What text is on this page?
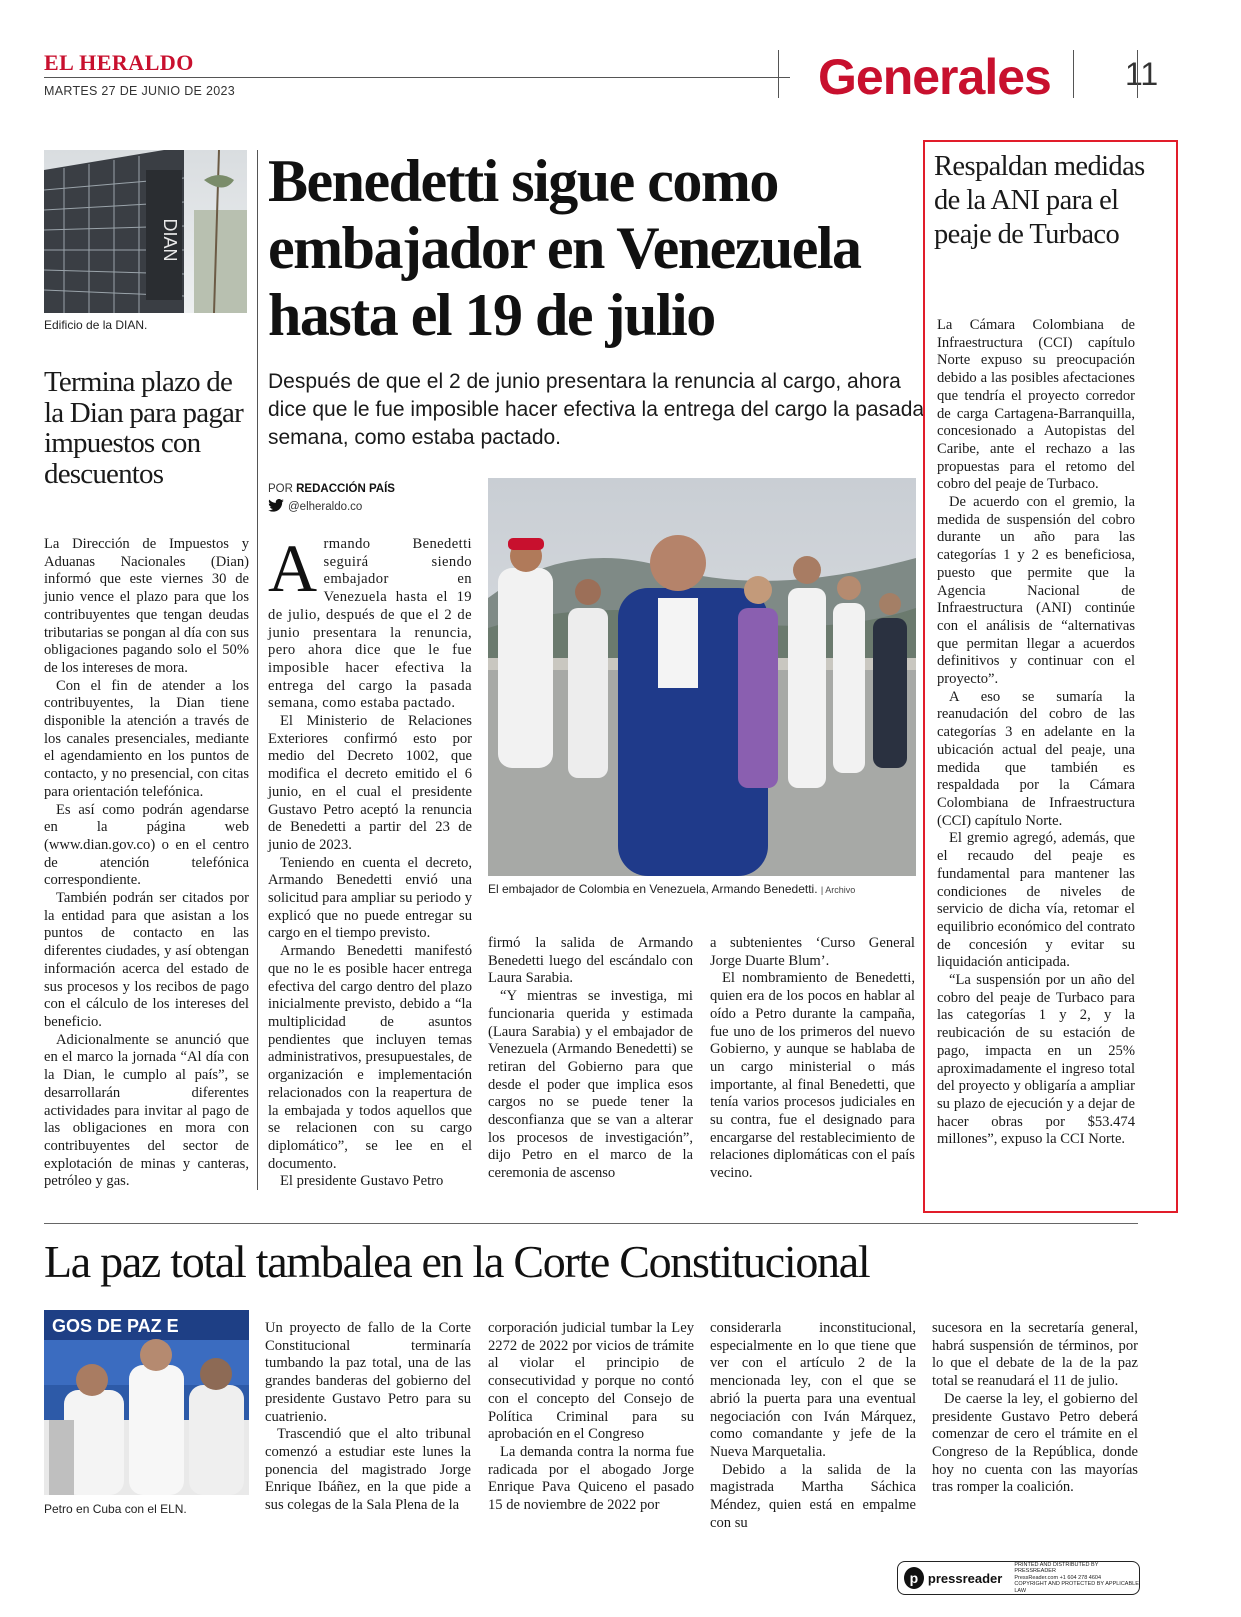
EL HERALDO
MARTES 27 DE JUNIO DE 2023	Generales 11
DIAN
Edificio de la DIAN.
Termina plazo de la Dian para pagar impuestos con descuentos

La Dirección de Impuestos y Aduanas Nacionales (Dian) informó que este viernes 30 de junio vence el plazo para que los contribuyentes que tengan deudas tributarias se pongan al día con sus obligaciones pagando solo el 50% de los intereses de mora.

Con el fin de atender a los contribuyentes, la Dian tiene disponible la atención a través de los canales presenciales, mediante el agendamiento en los puntos de contacto, y no presencial, con citas para orientación telefónica.

Es así como podrán agendarse en la página web (www.dian.gov.co) o en el centro de atención telefónica correspondiente.

También podrán ser citados por la entidad para que asistan a los puntos de contacto en las diferentes ciudades, y así obtengan información acerca del estado de sus procesos y los recibos de pago con el cálculo de los intereses del beneficio.

Adicionalmente se anunció que en el marco la jornada “Al día con la Dian, le cumplo al país”, se desarrollarán diferentes actividades para invitar al pago de las obligaciones en mora con contribuyentes del sector de explotación de minas y canteras, petróleo y gas.

Benedetti sigue como embajador en Venezuela hasta el 19 de julio
Después de que el 2 de junio presentara la renuncia al cargo, ahora dice que le fue imposible hacer efectiva la entrega del cargo la pasada semana, como estaba pactado.
POR REDACCIÓN PAÍS
@elheraldo.co

Armando Benedetti seguirá siendo embajador en Venezuela hasta el 19 de julio, después de que el 2 de junio presentara la renuncia, pero ahora dice que le fue imposible hacer efectiva la entrega del cargo la pasada semana, como estaba pactado.

El Ministerio de Relaciones Exteriores confirmó esto por medio del Decreto 1002, que modifica el decreto emitido el 6 junio, en el cual el presidente Gustavo Petro aceptó la renuncia de Benedetti a partir del 23 de junio de 2023.

Teniendo en cuenta el decreto, Armando Benedetti envió una solicitud para ampliar su periodo y explicó que no puede entregar su cargo en el tiempo previsto.

Armando Benedetti manifestó que no le es posible hacer entrega efectiva del cargo dentro del plazo inicialmente previsto, debido a “la multiplicidad de asuntos pendientes que incluyen temas administrativos, presupuestales, de organización e implementación relacionados con la reapertura de la embajada y todos aquellos que se relacionen con su cargo diplomático”, se lee en el documento.

El presidente Gustavo Petro

El embajador de Colombia en Venezuela, Armando Benedetti. | Archivo

firmó la salida de Armando Benedetti luego del escándalo con Laura Sarabia.

“Y mientras se investiga, mi funcionaria querida y estimada (Laura Sarabia) y el embajador de Venezuela (Armando Benedetti) se retiran del Gobierno para que desde el poder que implica esos cargos no se puede tener la desconfianza que se van a alterar los procesos de investigación”, dijo Petro en el marco de la ceremonia de ascenso

a subtenientes ‘Curso General Jorge Duarte Blum’.

El nombramiento de Benedetti, quien era de los pocos en hablar al oído a Petro durante la campaña, fue uno de los primeros del nuevo Gobierno, y aunque se hablaba de un cargo ministerial o más importante, al final Benedetti, que tenía varios procesos judiciales en su contra, fue el designado para encargarse del restablecimiento de relaciones diplomáticas con el país vecino.

Respaldan medidas de la ANI para el peaje de Turbaco

La Cámara Colombiana de Infraestructura (CCI) capítulo Norte expuso su preocupación debido a las posibles afectaciones que tendría el proyecto corredor de carga Cartagena-Barranquilla, concesionado a Autopistas del Caribe, ante el rechazo a las propuestas para el retomo del cobro del peaje de Turbaco.

De acuerdo con el gremio, la medida de suspensión del cobro durante un año para las categorías 1 y 2 es beneficiosa, puesto que permite que la Agencia Nacional de Infraestructura (ANI) continúe con el análisis de “alternativas que permitan llegar a acuerdos definitivos y continuar con el proyecto”.

A eso se sumaría la reanudación del cobro de las categorías 3 en adelante en la ubicación actual del peaje, una medida que también es respaldada por la Cámara Colombiana de Infraestructura (CCI) capítulo Norte.

El gremio agregó, además, que el recaudo del peaje es fundamental para mantener las condiciones de niveles de servicio de dicha vía, retomar el equilibrio económico del contrato de concesión y evitar su liquidación anticipada.

“La suspensión por un año del cobro del peaje de Turbaco para las categorías 1 y 2, y la reubicación de su estación de pago, impacta en un 25% aproximadamente el ingreso total del proyecto y obligaría a ampliar su plazo de ejecución y a dejar de hacer obras por $53.474 millones”, expuso la CCI Norte.

La paz total tambalea en la Corte Constitucional
GOS DE PAZ E
Petro en Cuba con el ELN.

Un proyecto de fallo de la Corte Constitucional terminaría tumbando la paz total, una de las grandes banderas del gobierno del presidente Gustavo Petro para su cuatrienio.

Trascendió que el alto tribunal comenzó a estudiar este lunes la ponencia del magistrado Jorge Enrique Ibáñez, en la que pide a sus colegas de la Sala Plena de la

corporación judicial tumbar la Ley 2272 de 2022 por vicios de trámite al violar el principio de consecutividad y porque no contó con el concepto del Consejo de Política Criminal para su aprobación en el Congreso

La demanda contra la norma fue radicada por el abogado Jorge Enrique Pava Quiceno el pasado 15 de noviembre de 2022 por

considerarla inconstitucional, especialmente en lo que tiene que ver con el artículo 2 de la mencionada ley, con el que se abrió la puerta para una eventual negociación con Iván Márquez, como comandante y jefe de la Nueva Marquetalia.

Debido a la salida de la magistrada Martha Sáchica Méndez, quien está en empalme con su

sucesora en la secretaría general, habrá suspensión de términos, por lo que el debate de la de la paz total se reanudará el 11 de julio.

De caerse la ley, el gobierno del presidente Gustavo Petro deberá comenzar de cero el trámite en el Congreso de la República, donde hoy no cuenta con las mayorías tras romper la coalición.

p pressreader
PRINTED AND DISTRIBUTED BY PRESSREADER
PressReader.com +1 604 278 4604
COPYRIGHT AND PROTECTED BY APPLICABLE LAW
